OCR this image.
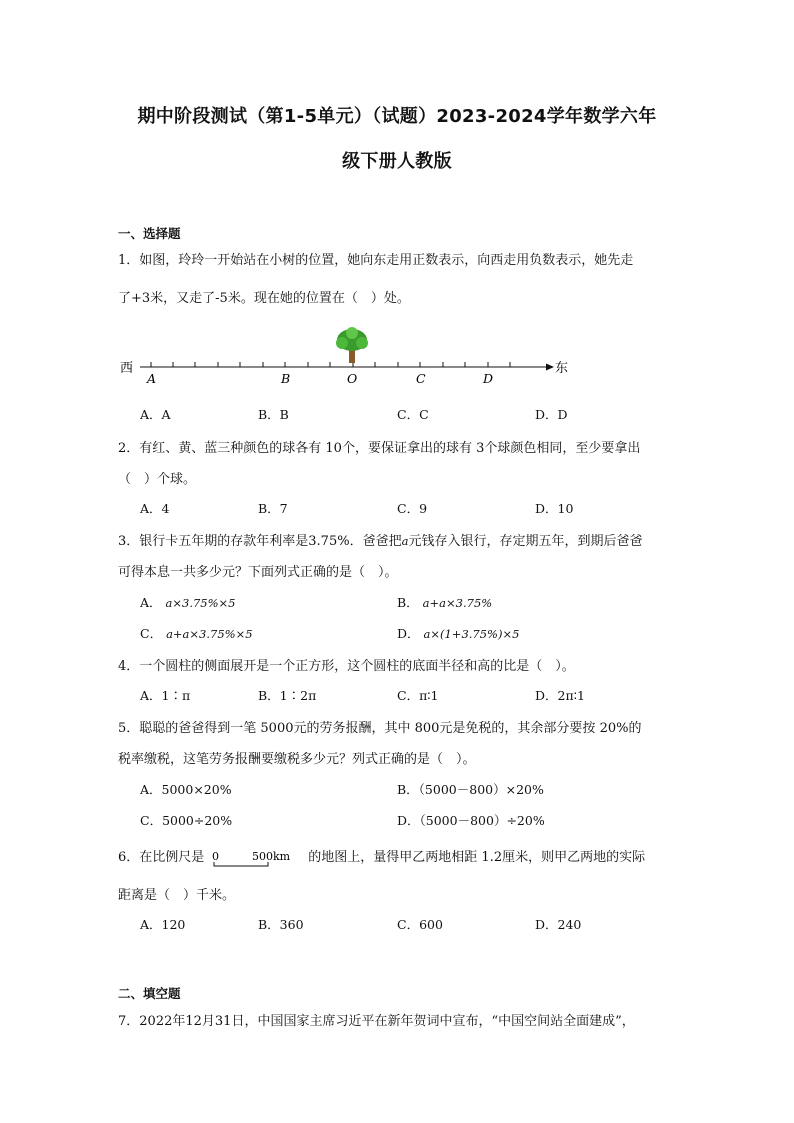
期中阶段测试（第1-5单元）（试题）2023-2024学年数学六年
级下册人教版
一、选择题
1．如图，玲玲一开始站在小树的位置，她向东走用正数表示，向西走用负数表示，她先走
了+3米，又走了-5米。现在她的位置在（　）处。
西	东
A	B	O	C	D
A．A	B．B	C．C	D．D
2．有红、黄、蓝三种颜色的球各有 10个，要保证拿出的球有 3个球颜色相同，至少要拿出
（　）个球。
A．4	B．7	C．9	D．10
3．银行卡五年期的存款年利率是3.75%．爸爸把a元钱存入银行，存定期五年，到期后爸爸
可得本息一共多少元？下面列式正确的是（　）。
A． a×3.75%×5	B． a+a×3.75%
C． a+a×3.75%×5	D． a×(1+3.75%)×5
4．一个圆柱的侧面展开是一个正方形，这个圆柱的底面半径和高的比是（　）。
A．1∶π	B．1∶2π	C．π∶1	D．2π∶1
5．聪聪的爸爸得到一笔 5000元的劳务报酬，其中 800元是免税的，其余部分要按 20%的
税率缴税，这笔劳务报酬要缴税多少元？列式正确的是（　）。
A．5000×20%	B．（5000－800）×20%
C．5000÷20%	D．（5000－800）÷20%
6．在比例尺是 0	500km 的地图上，量得甲乙两地相距 1.2厘米，则甲乙两地的实际
距离是（　）千米。
A．120	B．360	C．600	D．240
二、填空题
7．2022年12月31日，中国国家主席习近平在新年贺词中宣布，“中国空间站全面建成”，
